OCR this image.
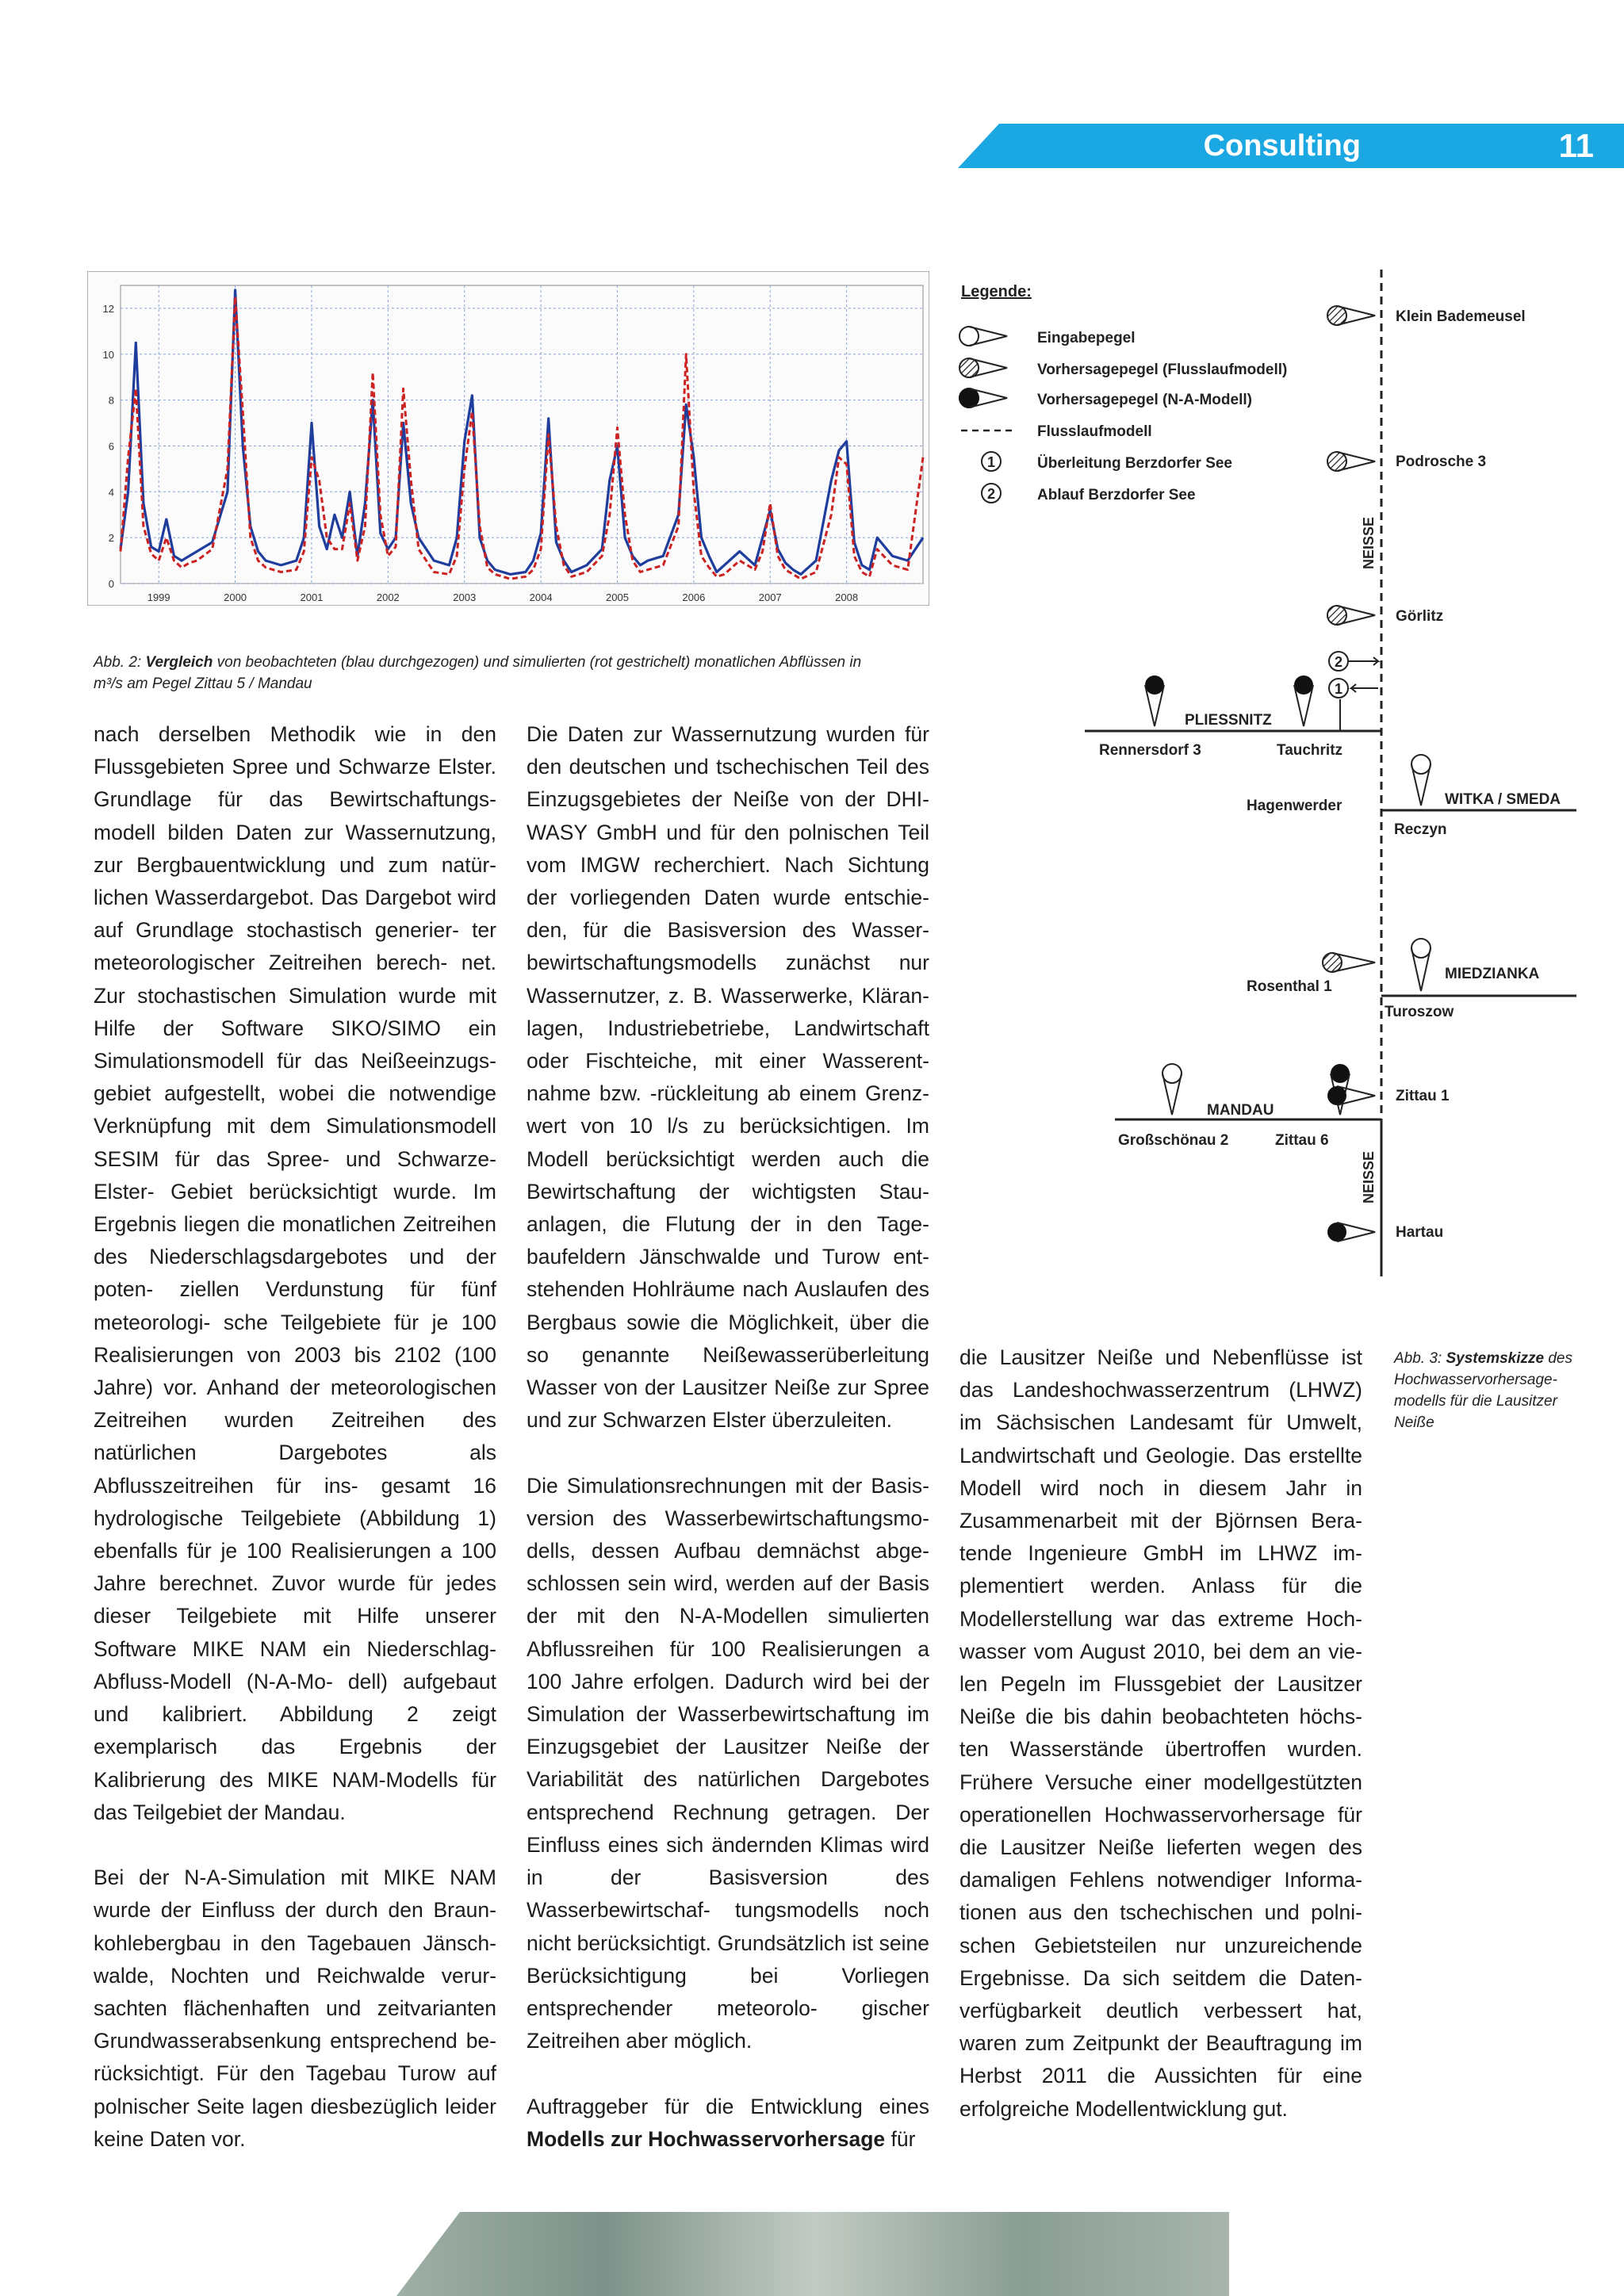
Consulting	11
0
2
4
6
8
10
12
1999	2000	2001	2002	2003	2004	2005	2006	2007	2008
Abb. 2: Vergleich von beobachteten (blau durchgezogen) und simulierten (rot gestrichelt) monatlichen Abflüssen in
m³/s am Pegel Zittau 5 / Mandau
Legende:
Eingabepegel
Vorhersagepegel (Flusslaufmodell)
Vorhersagepegel (N-A-Modell)
Flusslaufmodell
1	Überleitung Berzdorfer See
2	Ablauf Berzdorfer See
Klein Bademeusel
Podrosche 3
NEISSE
Görlitz
2
1
PLIESSNITZ
Rennersdorf 3	Tauchritz
Hagenwerder	WITKA / SMEDA
Reczyn
Rosenthal 1
MIEDZIANKA
Turoszow
MANDAU
Großschönau 2	Zittau 6
Zittau 1
NEISSE
Hartau
Abb. 3: Systemskizze des
Hochwasservorhersage-
modells für die Lausitzer
Neiße

nach derselben Methodik wie in den Flussgebieten Spree und Schwarze Elster. Grundlage für das Bewirtschaftungs- modell bilden Daten zur Wassernutzung, zur Bergbauentwicklung und zum natür- lichen Wasserdargebot. Das Dargebot wird auf Grundlage stochastisch generier- ter meteorologischer Zeitreihen berech- net. Zur stochastischen Simulation wurde mit Hilfe der Software SIKO/SIMO ein Simulationsmodell für das Neißeeinzugs- gebiet aufgestellt, wobei die notwendige Verknüpfung mit dem Simulationsmodell SESIM für das Spree- und Schwarze-Elster- Gebiet berücksichtigt wurde. Im Ergebnis liegen die monatlichen Zeitreihen des Niederschlagsdargebotes und der poten- ziellen Verdunstung für fünf meteorologi- sche Teilgebiete für je 100 Realisierungen von 2003 bis 2102 (100 Jahre) vor. Anhand der meteorologischen Zeitreihen wurden Zeitreihen des natürlichen	Dargebotes als Abflusszeitreihen für ins- gesamt 16 hydrologische Teilgebiete (Abbildung 1) ebenfalls für je 100 Realisierungen a 100 Jahre berechnet. Zuvor wurde für jedes dieser Teilgebiete mit Hilfe unserer Software MIKE NAM ein Niederschlag-Abfluss-Modell (N-A-Mo- dell) aufgebaut und kalibriert. Abbildung 2 zeigt exemplarisch das Ergebnis der Kalibrierung des MIKE NAM-Modells für das Teilgebiet der Mandau.

Bei der N-A-Simulation mit MIKE NAM wurde der Einfluss der durch den Braun- kohlebergbau in den Tagebauen Jänsch- walde, Nochten und Reichwalde verur- sachten flächenhaften und zeitvarianten Grundwasserabsenkung entsprechend be- rücksichtigt. Für den Tagebau Turow auf polnischer Seite lagen diesbezüglich leider keine Daten vor.

Die Daten zur Wassernutzung wurden für den deutschen und tschechischen Teil des Einzugsgebietes der Neiße von der DHI- WASY GmbH und für den polnischen Teil vom IMGW recherchiert. Nach Sichtung der vorliegenden Daten wurde entschie- den, für die Basisversion des Wasser- bewirtschaftungsmodells zunächst nur Wassernutzer, z. B. Wasserwerke, Kläran- lagen, Industriebetriebe, Landwirtschaft oder Fischteiche, mit einer Wasserent- nahme bzw. -rückleitung ab einem Grenz- wert von 10 l/s zu berücksichtigen. Im Modell berücksichtigt werden auch die Bewirtschaftung der wichtigsten Stau- anlagen, die Flutung der in den Tage- baufeldern Jänschwalde und Turow ent- stehenden Hohlräume nach Auslaufen des Bergbaus sowie die Möglichkeit, über die so genannte Neißewasserüberleitung Wasser von der Lausitzer Neiße zur Spree und zur Schwarzen Elster überzuleiten.

Die Simulationsrechnungen mit der Basis- version des Wasserbewirtschaftungsmo- dells, dessen Aufbau demnächst abge- schlossen sein wird, werden auf der Basis der mit den N-A-Modellen simulierten Abflussreihen für 100 Realisierungen a 100 Jahre erfolgen. Dadurch wird bei der Simulation der Wasserbewirtschaftung im Einzugsgebiet der Lausitzer Neiße der Variabilität des natürlichen Dargebotes entsprechend Rechnung getragen. Der Einfluss eines sich ändernden Klimas wird in der Basisversion des Wasserbewirtschaf- tungsmodells noch nicht berücksichtigt. Grundsätzlich ist seine Berücksichtigung	bei Vorliegen entsprechender meteorolo- gischer Zeitreihen aber möglich.

Auftraggeber für die Entwicklung eines Modells zur Hochwasservorhersage für

die Lausitzer Neiße und Nebenflüsse ist das Landeshochwasserzentrum (LHWZ) im Sächsischen Landesamt für Umwelt, Landwirtschaft und Geologie. Das erstellte Modell wird noch in diesem Jahr in Zusammenarbeit mit der Björnsen Bera- tende Ingenieure GmbH im LHWZ im- plementiert werden. Anlass für die Modellerstellung war das extreme Hoch- wasser vom August 2010, bei dem an vie- len Pegeln im Flussgebiet der Lausitzer Neiße die bis dahin beobachteten höchs- ten Wasserstände übertroffen wurden. Frühere Versuche einer modellgestützten operationellen Hochwasservorhersage für die Lausitzer Neiße lieferten wegen des damaligen Fehlens notwendiger Informa- tionen aus den tschechischen und polni- schen Gebietsteilen nur unzureichende Ergebnisse. Da sich seitdem die Daten- verfügbarkeit deutlich verbessert hat, waren zum Zeitpunkt der Beauftragung im Herbst 2011 die Aussichten für eine erfolgreiche Modellentwicklung gut.
